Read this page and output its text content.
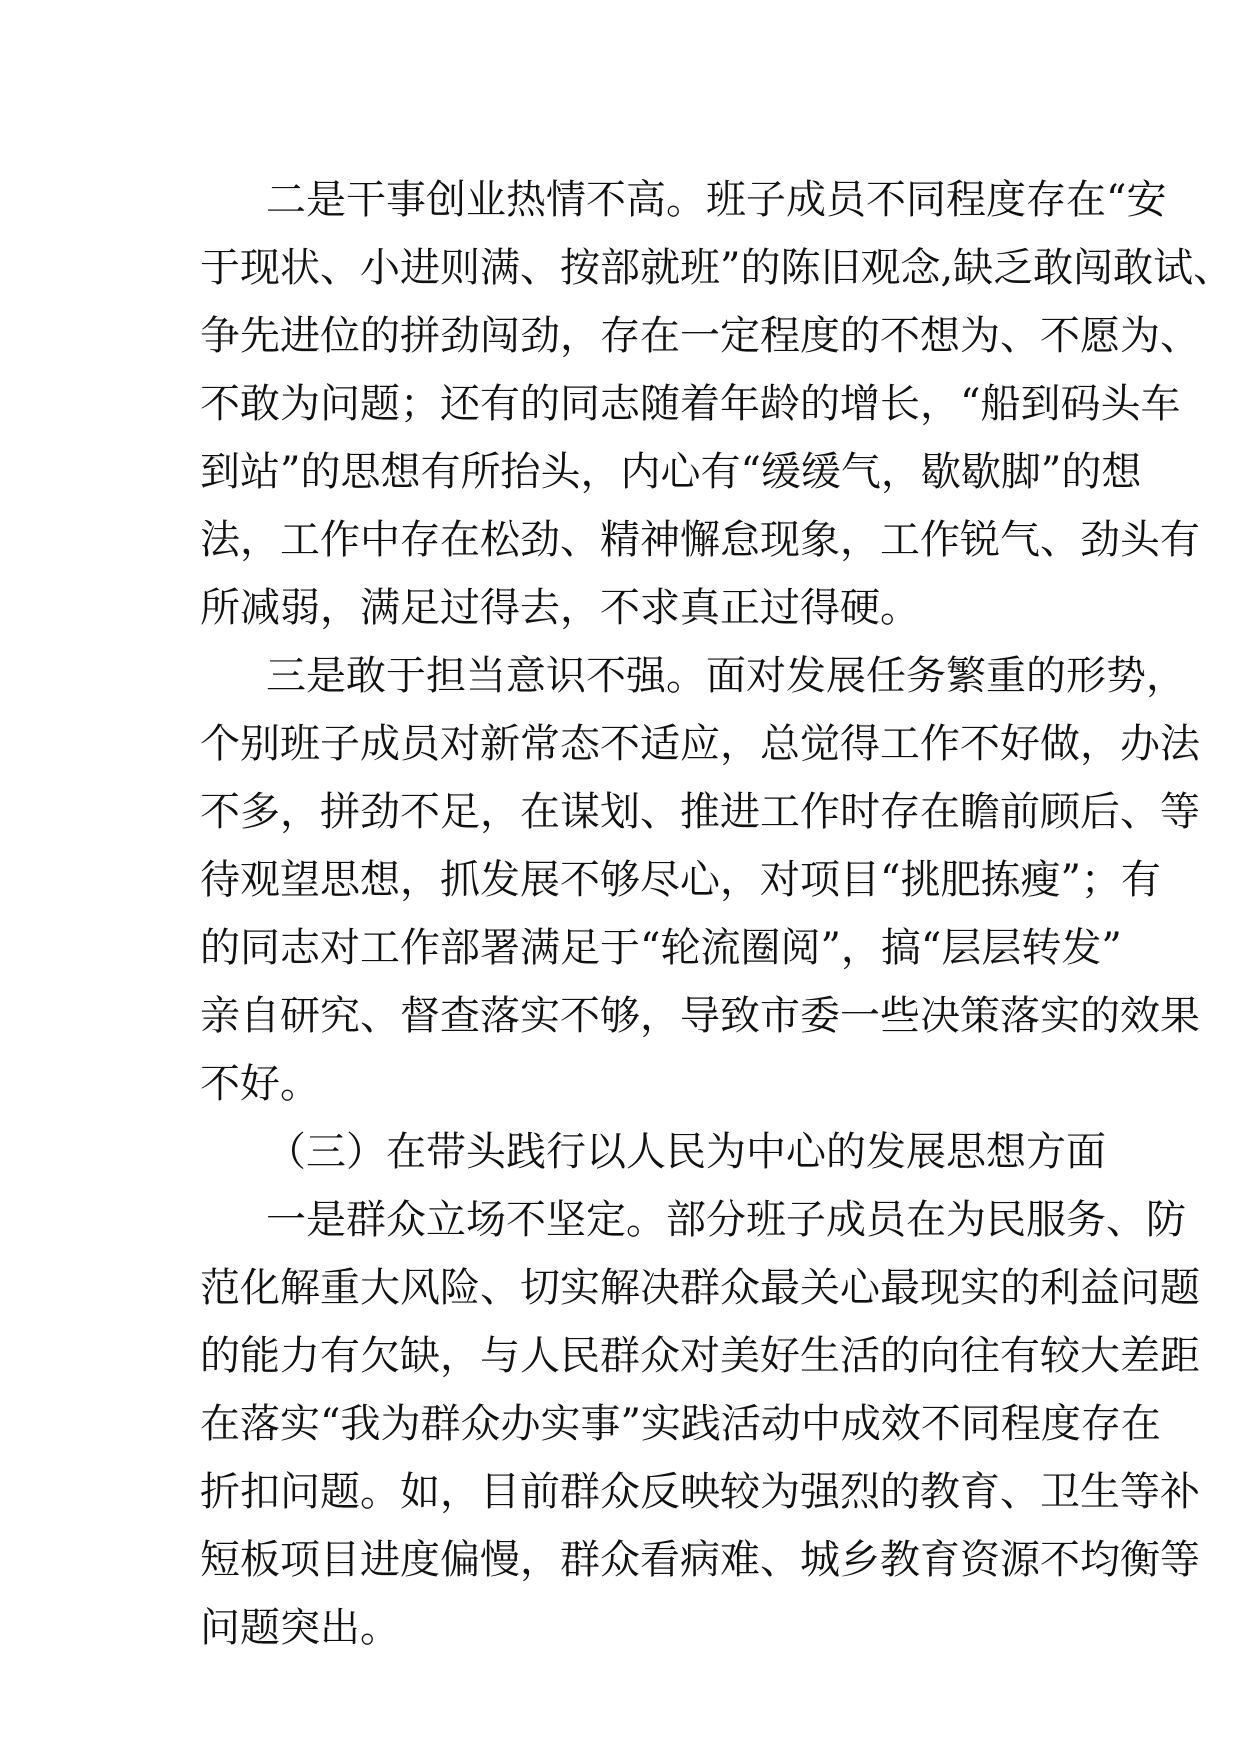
二是干事创业热情不高。班子成员不同程度存在“安
于现状、小进则满、按部就班”的陈旧观念,缺乏敢闯敢试、
争先进位的拼劲闯劲，存在一定程度的不想为、不愿为、
不敢为问题；还有的同志随着年龄的增长，“船到码头车
到站”的思想有所抬头，内心有“缓缓气，歇歇脚”的想
法，工作中存在松劲、精神懈怠现象，工作锐气、劲头有
所减弱，满足过得去，不求真正过得硬。
三是敢于担当意识不强。面对发展任务繁重的形势，
个别班子成员对新常态不适应，总觉得工作不好做，办法
不多，拼劲不足，在谋划、推进工作时存在瞻前顾后、等
待观望思想，抓发展不够尽心，对项目“挑肥拣瘦”；有
的同志对工作部署满足于“轮流圈阅”，搞“层层转发”
亲自研究、督查落实不够，导致市委一些决策落实的效果
不好。
（三）在带头践行以人民为中心的发展思想方面
一是群众立场不坚定。部分班子成员在为民服务、防
范化解重大风险、切实解决群众最关心最现实的利益问题
的能力有欠缺，与人民群众对美好生活的向往有较大差距
在落实“我为群众办实事”实践活动中成效不同程度存在
折扣问题。如，目前群众反映较为强烈的教育、卫生等补
短板项目进度偏慢，群众看病难、城乡教育资源不均衡等
问题突出。
